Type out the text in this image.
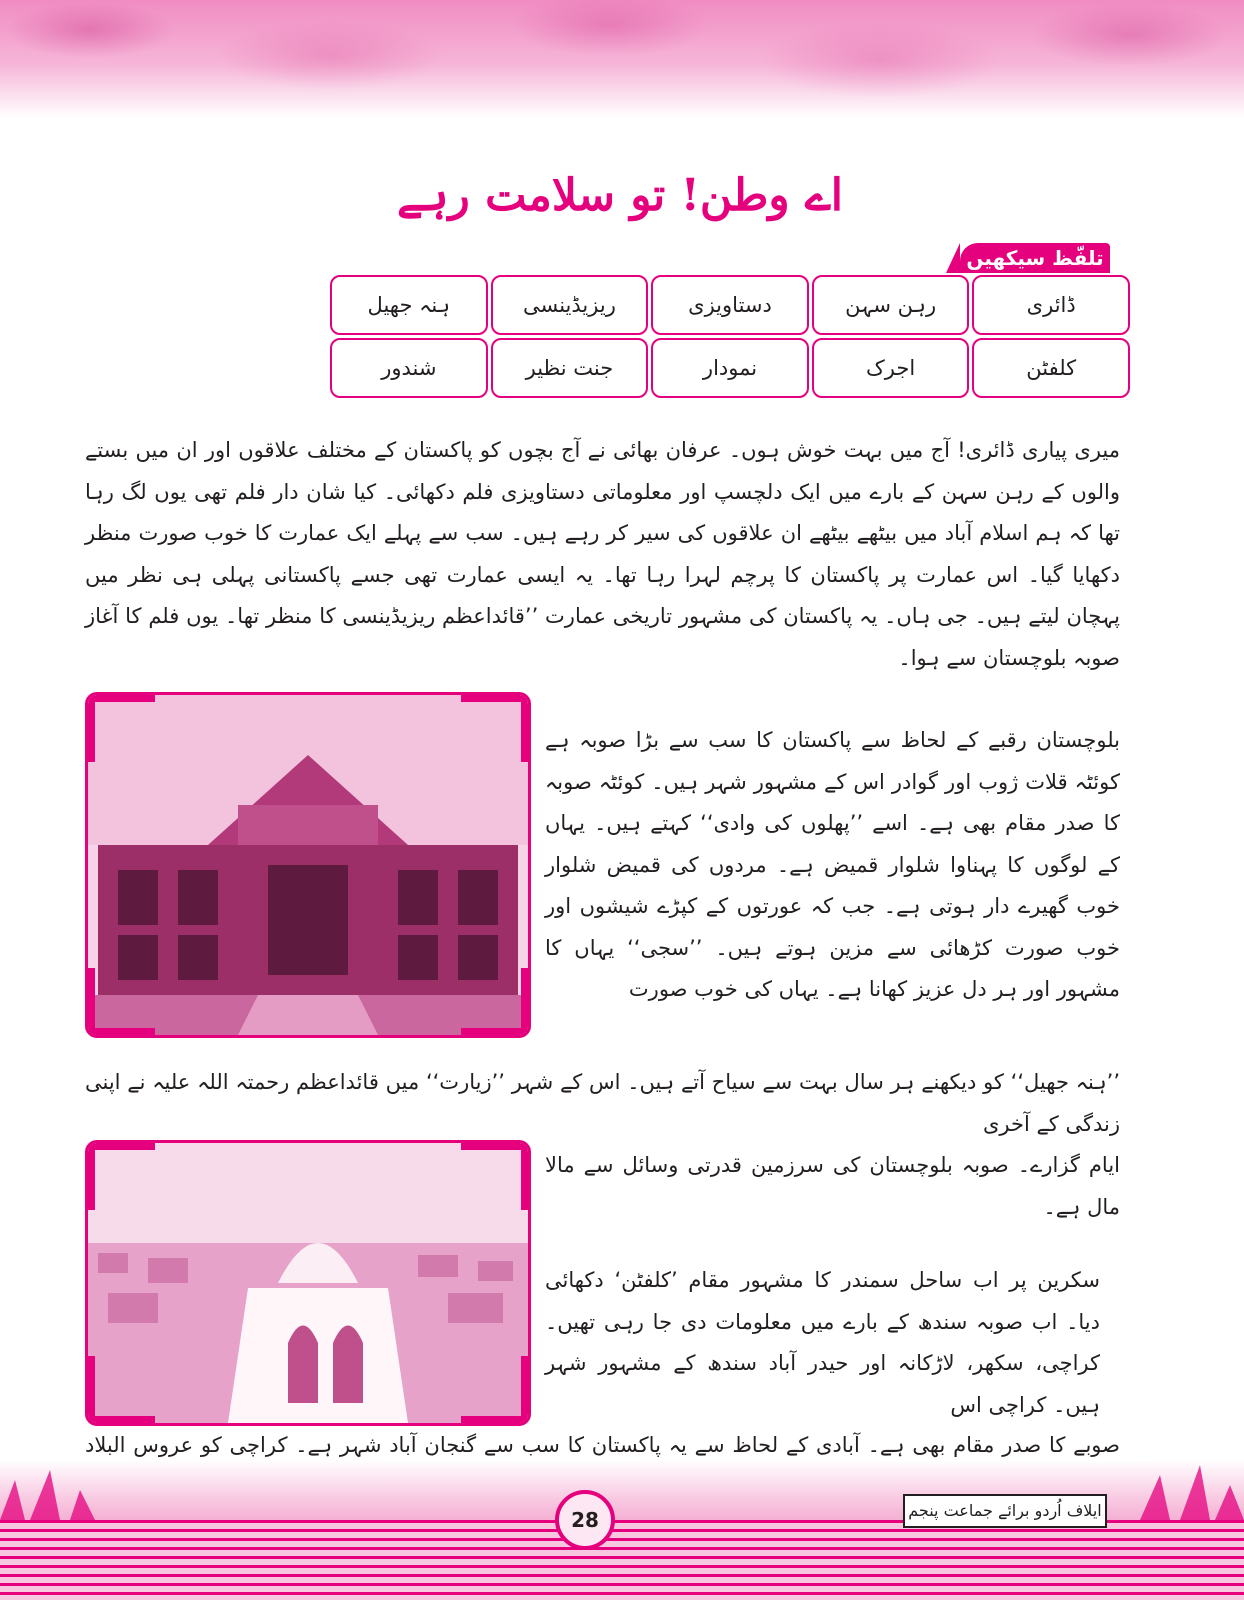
اے وطن! تو سلامت رہے
تلفّظ سیکھیں
ڈائری
رہن سہن
دستاویزی
ریزیڈینسی
ہنہ جھیل
کلفٹن
اجرک
نمودار
جنت نظیر
شندور
میری پیاری ڈائری! آج میں بہت خوش ہوں۔ عرفان بھائی نے آج بچوں کو پاکستان کے مختلف علاقوں اور ان میں بستے والوں کے رہن سہن کے بارے میں ایک دلچسپ اور معلوماتی دستاویزی فلم دکھائی۔ کیا شان دار فلم تھی یوں لگ رہا تھا کہ ہم اسلام آباد میں بیٹھے بیٹھے ان علاقوں کی سیر کر رہے ہیں۔ سب سے پہلے ایک عمارت کا خوب صورت منظر دکھایا گیا۔ اس عمارت پر پاکستان کا پرچم لہرا رہا تھا۔ یہ ایسی عمارت تھی جسے پاکستانی پہلی ہی نظر میں پہچان لیتے ہیں۔ جی ہاں۔ یہ پاکستان کی مشہور تاریخی عمارت ’’قائداعظم ریزیڈینسی کا منظر تھا۔ یوں فلم کا آغاز صوبہ بلوچستان سے ہوا۔
بلوچستان رقبے کے لحاظ سے پاکستان کا سب سے بڑا صوبہ ہے کوئٹہ قلات ژوب اور گوادر اس کے مشہور شہر ہیں۔ کوئٹہ صوبہ کا صدر مقام بھی ہے۔ اسے ’’پھلوں کی وادی‘‘ کہتے ہیں۔ یہاں کے لوگوں کا پہناوا شلوار قمیض ہے۔ مردوں کی قمیض شلوار خوب گھیرے دار ہوتی ہے۔ جب کہ عورتوں کے کپڑے شیشوں اور خوب صورت کڑھائی سے مزین ہوتے ہیں۔ ’’سجی‘‘ یہاں کا مشہور اور ہر دل عزیز کھانا ہے۔ یہاں کی خوب صورت
’’ہنہ جھیل‘‘ کو دیکھنے ہر سال بہت سے سیاح آتے ہیں۔ اس کے شہر ’’زیارت‘‘ میں قائداعظم رحمتہ اللہ علیہ نے اپنی زندگی کے آخری
ایام گزارے۔ صوبہ بلوچستان کی سرزمین قدرتی وسائل سے مالا مال ہے۔
سکرین پر اب ساحل سمندر کا مشہور مقام ’کلفٹن‘ دکھائی دیا۔ اب صوبہ سندھ کے بارے میں معلومات دی جا رہی تھیں۔ کراچی، سکھر، لاڑکانہ اور حیدر آباد سندھ کے مشہور شہر ہیں۔ کراچی اس
صوبے کا صدر مقام بھی ہے۔ آبادی کے لحاظ سے یہ پاکستان کا سب سے گنجان آباد شہر ہے۔ کراچی کو عروس البلاد
28	ایلاف اُردو برائے جماعت پنجم
